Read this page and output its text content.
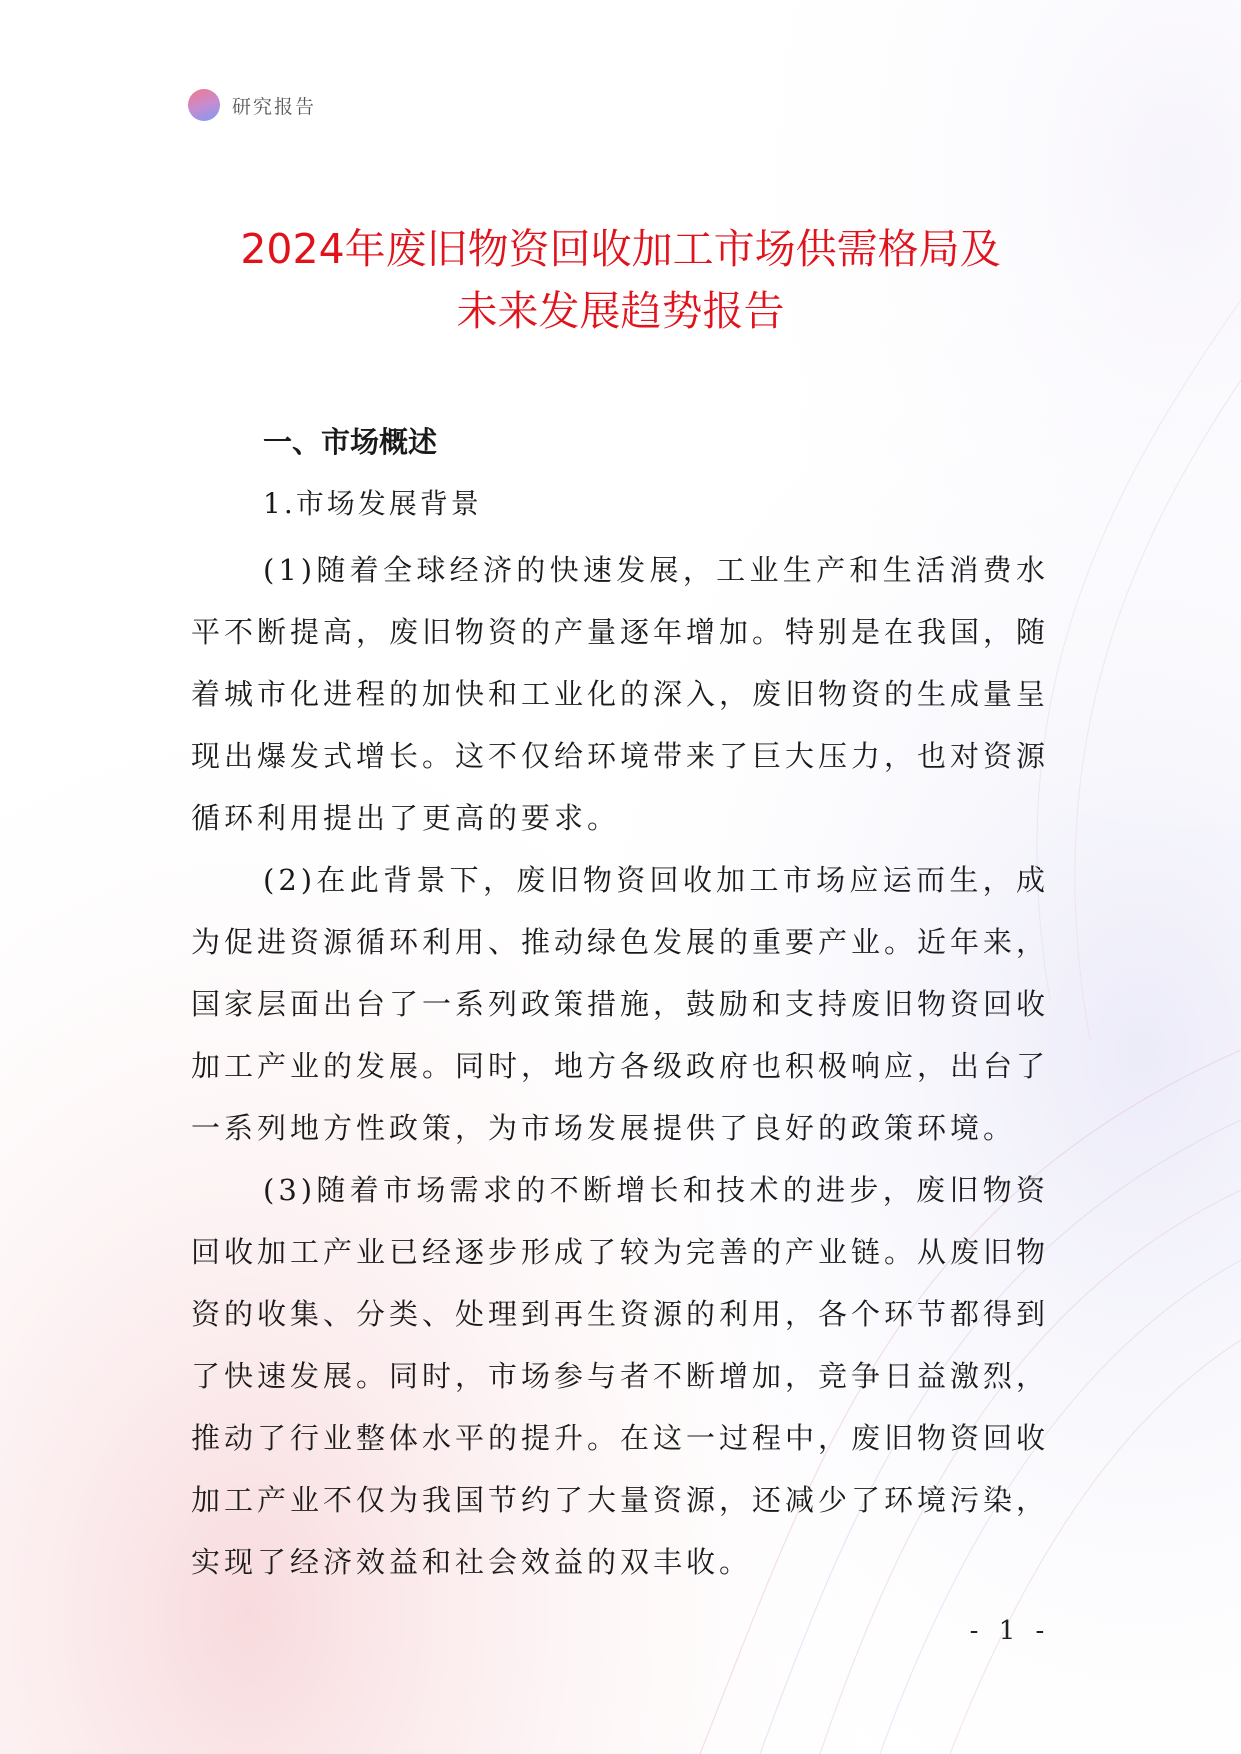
研究报告
2024年废旧物资回收加工市场供需格局及
未来发展趋势报告
一、市场概述
1.市场发展背景

(1)随着全球经济的快速发展，工业生产和生活消费水平不断提高，废旧物资的产量逐年增加。特别是在我国，随着城市化进程的加快和工业化的深入，废旧物资的生成量呈现出爆发式增长。这不仅给环境带来了巨大压力，也对资源循环利用提出了更高的要求。

(2)在此背景下，废旧物资回收加工市场应运而生，成为促进资源循环利用、推动绿色发展的重要产业。近年来，国家层面出台了一系列政策措施，鼓励和支持废旧物资回收加工产业的发展。同时，地方各级政府也积极响应，出台了一系列地方性政策，为市场发展提供了良好的政策环境。

(3)随着市场需求的不断增长和技术的进步，废旧物资回收加工产业已经逐步形成了较为完善的产业链。从废旧物资的收集、分类、处理到再生资源的利用，各个环节都得到了快速发展。同时，市场参与者不断增加，竞争日益激烈，推动了行业整体水平的提升。在这一过程中，废旧物资回收加工产业不仅为我国节约了大量资源，还减少了环境污染，实现了经济效益和社会效益的双丰收。

- 1 -
